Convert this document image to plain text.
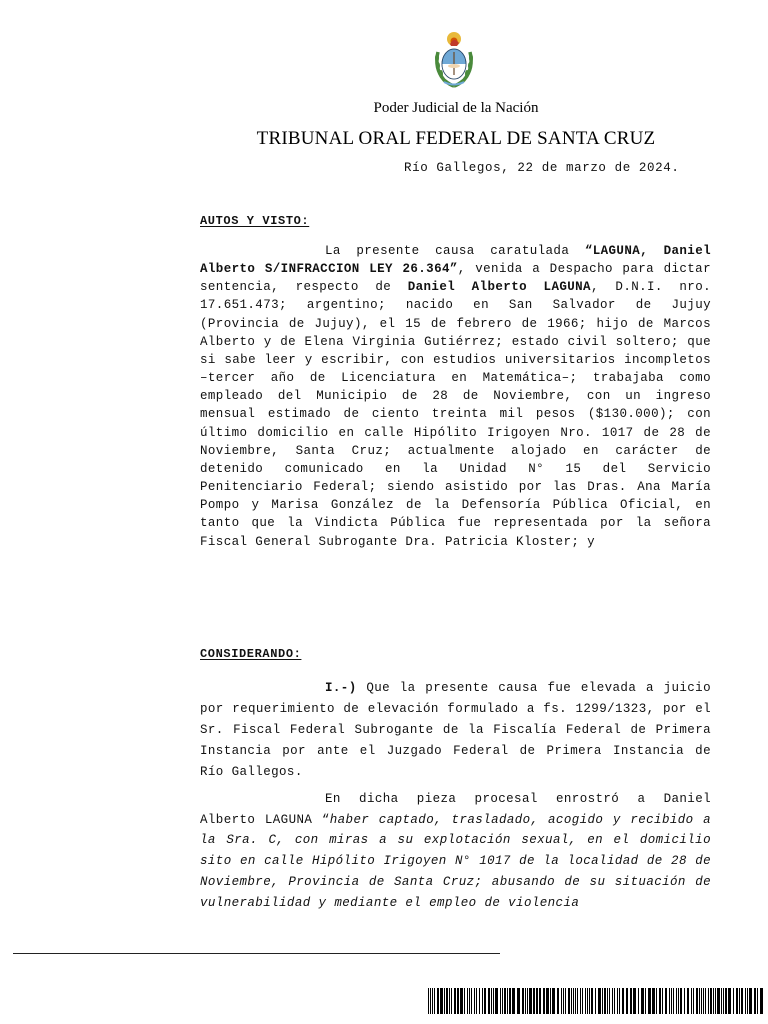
Poder Judicial de la Nación
TRIBUNAL ORAL FEDERAL DE SANTA CRUZ
Río Gallegos, 22 de marzo de 2024.
AUTOS Y VISTO:
La presente causa caratulada “LAGUNA, Daniel Alberto S/INFRACCION LEY 26.364”, venida a Despacho para dictar sentencia, respecto de Daniel Alberto LAGUNA, D.N.I. nro. 17.651.473; argentino; nacido en San Salvador de Jujuy (Provincia de Jujuy), el 15 de febrero de 1966; hijo de Marcos Alberto y de Elena Virginia Gutiérrez; estado civil soltero; que si sabe leer y escribir, con estudios universitarios incompletos –tercer año de Licenciatura en Matemática–; trabajaba como empleado del Municipio de 28 de Noviembre, con un ingreso mensual estimado de ciento treinta mil pesos ($130.000); con último domicilio en calle Hipólito Irigoyen Nro. 1017 de 28 de Noviembre, Santa Cruz; actualmente alojado en carácter de detenido comunicado en la Unidad N° 15 del Servicio Penitenciario Federal; siendo asistido por las Dras. Ana María Pompo y Marisa González de la Defensoría Pública Oficial, en tanto que la Vindicta Pública fue representada por la señora Fiscal General Subrogante Dra. Patricia Kloster; y
CONSIDERANDO:
I.-) Que la presente causa fue elevada a juicio por requerimiento de elevación formulado a fs. 1299/1323, por el Sr. Fiscal Federal Subrogante de la Fiscalía Federal de Primera Instancia por ante el Juzgado Federal de Primera Instancia de Río Gallegos.
En dicha pieza procesal enrostró a Daniel Alberto LAGUNA “haber captado, trasladado, acogido y recibido a la Sra. C, con miras a su explotación sexual, en el domicilio sito en calle Hipólito Irigoyen N° 1017 de la localidad de 28 de Noviembre, Provincia de Santa Cruz; abusando de su situación de vulnerabilidad y mediante el empleo de violencia
